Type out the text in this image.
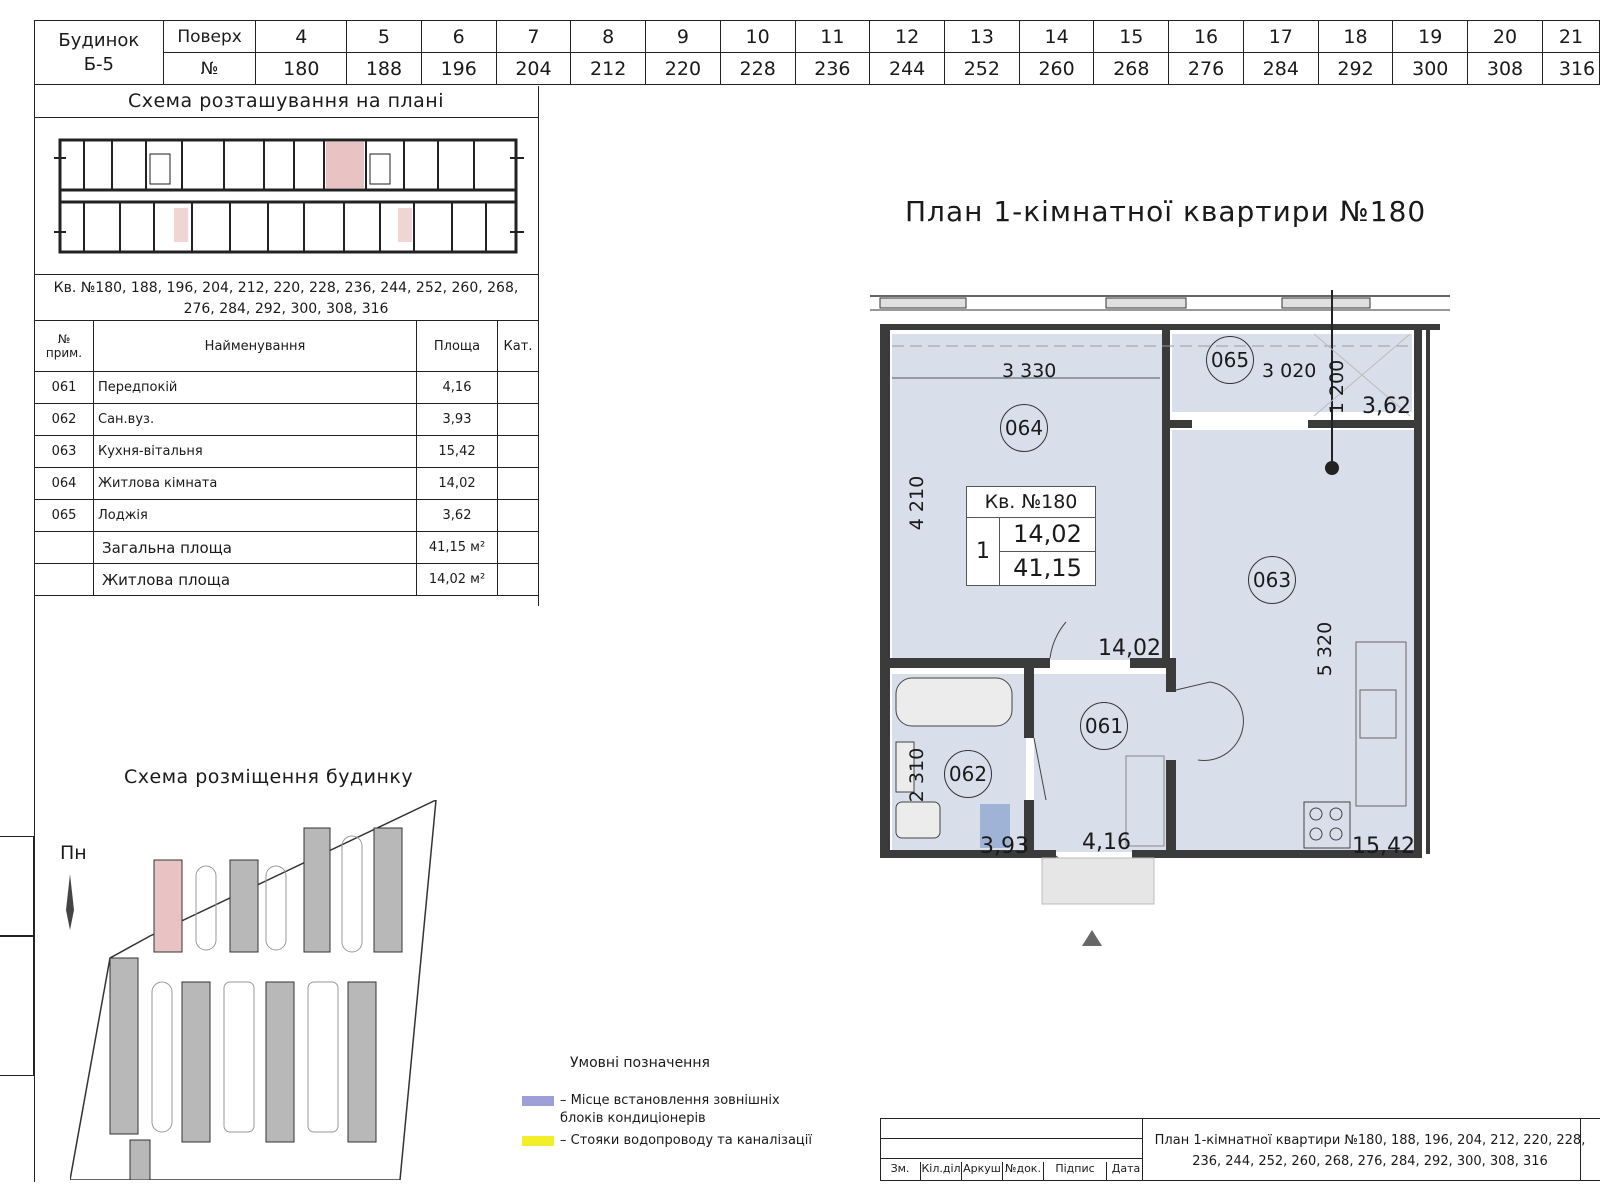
Будинок
Б-5	Поверх	4	5	6	7	8	9	10	11	12	13	14	15	16	17	18	19	20	21
	№	180	188	196	204	212	220	228	236	244	252	260	268	276	284	292	300	308	316
Схема розташування на плані
Кв. №180, 188, 196, 204, 212, 220, 228, 236, 244, 252, 260, 268, 276, 284, 292, 300, 308, 316
№ прим.	Найменування	Площа	Кат.
061	Передпокій	4,16	
062	Сан.вуз.	3,93	
063	Кухня-вітальня	15,42	
064	Житлова кімната	14,02	
065	Лоджія	3,62	
	Загальна площа	41,15 м²	
	Житлова площа	14,02 м²	
План 1-кімнатної квартири №180
3 330	3 020 1 200
4 210
5 320
2 310
064
065
063
061
062
14,02
3,62
15,42
4,16
3,93
Кв. №180
1
14,02
41,15
Схема розміщення будинку
Пн
Умовні позначення
– Місце встановлення зовнішніх блоків кондиціонерів
– Стояки водопроводу та каналізації
Зм.	Кіл.діл Аркуш №док.	Підпис	Дата
План 1-кімнатної квартири №180, 188, 196, 204, 212, 220, 228, 236, 244, 252, 260, 268, 276, 284, 292, 300, 308, 316
